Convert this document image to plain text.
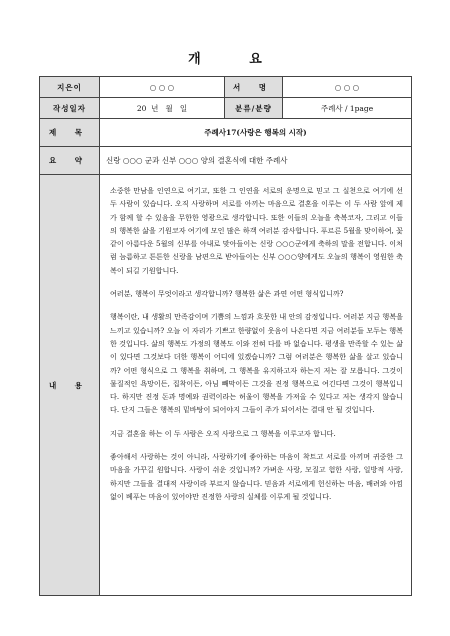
개 요
지은이	○ ○ ○	서 명	○ ○ ○
작성일자	20  년   월   일	분류/분량	주례사 / 1page
제 목	주례사17(사랑은 행복의 시작)		
요 약	신랑 ○○○ 군과 신부 ○○○ 양의 결혼식에 대한 주례사		
내 용	소중한 만남을 인연으로 여기고, 또한 그 인연을 서로의 운명으로 믿고 그 실천으로 여기에 선 두 사람이 있습니다. 오직 사랑하며 서로를 아끼는 마음으로 결혼을 이루는 이 두 사람 앞에 제가 함께 할 수 있음을 무한한 영광으로 생각합니다. 또한 이들의 오늘을 축복코자, 그리고 이들의 행복한 삶을 기원코자 여기에 모인 많은 하객 여러분 감사합니다. 푸르른 5월을 맞이하여, 꽃같이 아름다운 5월의 신부를 아내로 맞아들이는 신랑 ○○○군에게 축하의 말을 전합니다. 이처럼 늠름하고 튼튼한 신랑을 남편으로 받아들이는 신부 ○○○양에게도 오늘의 행복이 영원한 축복이 되길 기원합니다.

여러분, 행복이 무엇이라고 생각합니까? 행복한 삶은 과연 어떤 형식입니까?

행복이란, 내 생활의 만족감이며 기쁨의 느낌과 흐뭇한 내 안의 감정입니다. 여러분 지금 행복을 느끼고 있습니까? 오늘 이 자리가 기쁘고 한량없이 웃음이 나온다면 지금 여러분들 모두는 행복한 것입니다. 삶의 행복도 가정의 행복도 이와 전혀 다를 바 없습니다. 평생을 만족할 수 있는 삶이 있다면 그것보다 더한 행복이 어디에 있겠습니까? 그럼 여러분은 행복한 삶을 살고 있습니까? 어떤 형식으로 그 행복을 취하며, 그 행복을 유지하고자 하는지 저는 잘 모릅니다. 그것이 물질적인 욕망이든, 집착이든, 아님 빼막이든 그것을 진정 행복으로 여긴다면 그것이 행복입니다. 하지만 진정 돈과 명예와 권력이라는 허울이 행복을 가져올 수 있다고 저는 생각지 않습니다. 단지 그들은 행복의 밑바탕이 되어야지 그들이 주가 되어서는 결대 안 될 것입니다.

지금 결혼을 하는 이 두 사람은 오직 사랑으로 그 행복을 이루고자 합니다.

좋아해서 사랑하는 것이 아니라, 사랑하기에 좋아하는 마음이 착트고 서로를 아끼며 귀중한 그 마음을 가꾸길 원합니다. 사랑이 쉬운 것입니까? 가벼운 사랑, 모질고 험한 사랑, 일방적 사랑, 하지만 그들을 결대적 사랑이라 부르지 않습니다. 믿음과 서로에게 헌신하는 마음, 배려와 아낌없이 베푸는 마음이 있어야만 진정한 사랑의 실체를 이루게 될 것입니다.		
